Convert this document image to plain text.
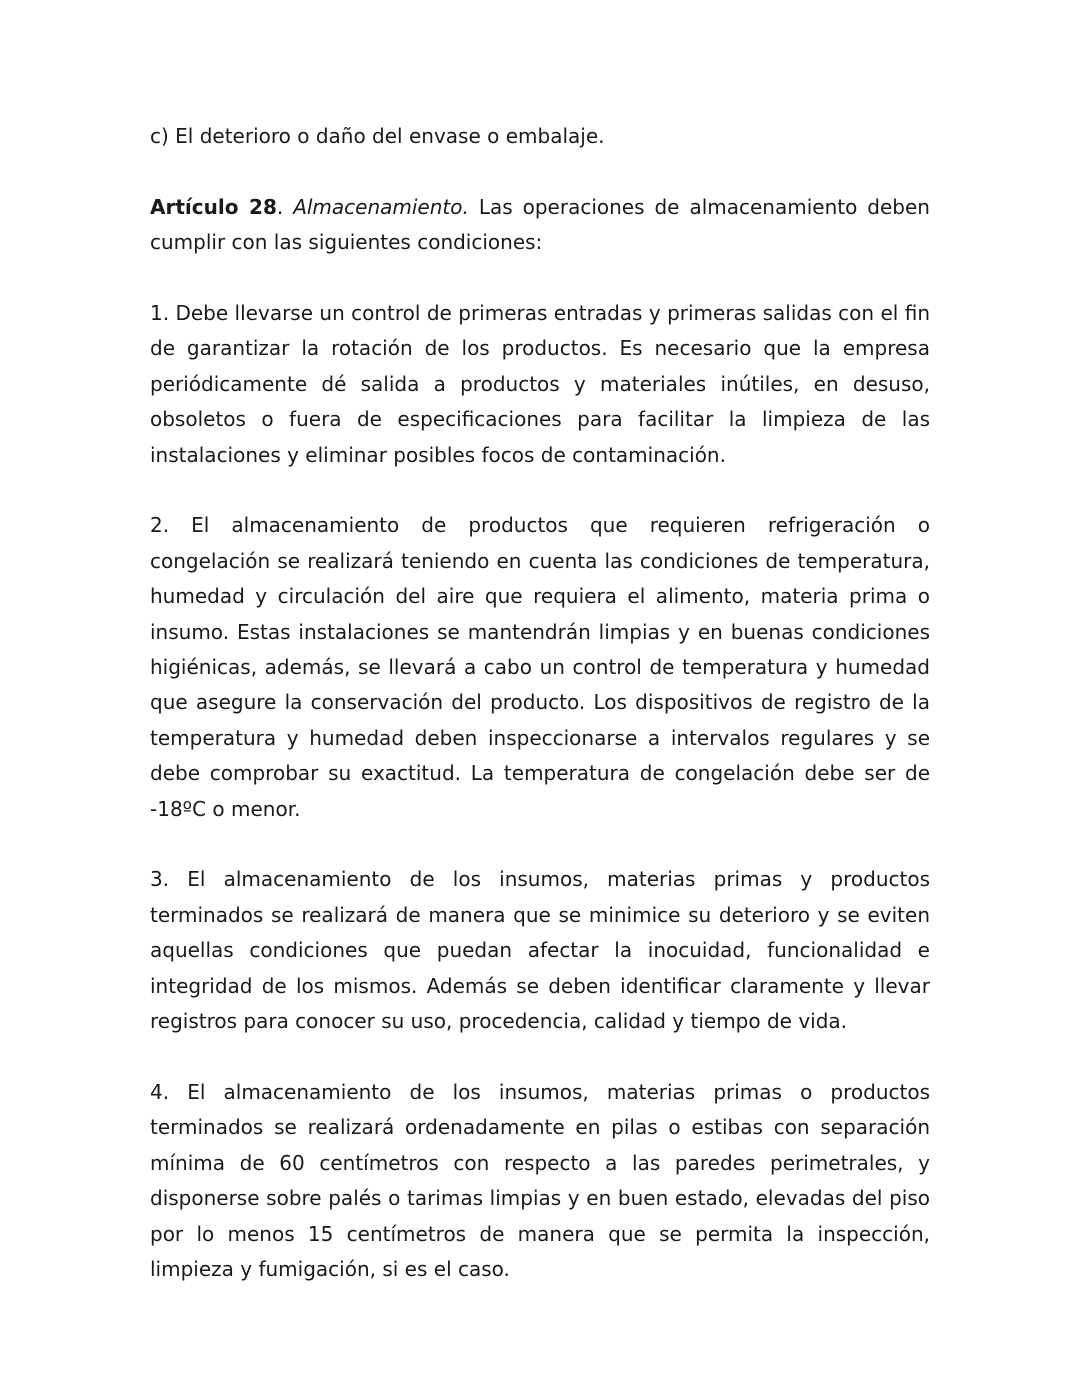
c) El deterioro o daño del envase o embalaje.

Artículo 28. Almacenamiento. Las operaciones de almacenamiento deben cumplir con las siguientes condiciones:

1. Debe llevarse un control de primeras entradas y primeras salidas con el fin de garantizar la rotación de los productos. Es necesario que la empresa periódicamente dé salida a productos y materiales inútiles, en desuso, obsoletos o fuera de especificaciones para facilitar la limpieza de las instalaciones y eliminar posibles focos de contaminación.

2. El almacenamiento de productos que requieren refrigeración o congelación se realizará teniendo en cuenta las condiciones de temperatura, humedad y circulación del aire que requiera el alimento, materia prima o insumo. Estas instalaciones se mantendrán limpias y en buenas condiciones higiénicas, además, se llevará a cabo un control de temperatura y humedad que asegure la conservación del producto. Los dispositivos de registro de la temperatura y humedad deben inspeccionarse a intervalos regulares y se debe comprobar su exactitud. La temperatura de congelación debe ser de -18ºC o menor.

3. El almacenamiento de los insumos, materias primas y productos terminados se realizará de manera que se minimice su deterioro y se eviten aquellas condiciones que puedan afectar la inocuidad, funcionalidad e integridad de los mismos. Además se deben identificar claramente y llevar registros para conocer su uso, procedencia, calidad y tiempo de vida.

4. El almacenamiento de los insumos, materias primas o productos terminados se realizará ordenadamente en pilas o estibas con separación mínima de 60 centímetros con respecto a las paredes perimetrales, y disponerse sobre palés o tarimas limpias y en buen estado, elevadas del piso por lo menos 15 centímetros de manera que se permita la inspección, limpieza y fumigación, si es el caso.
